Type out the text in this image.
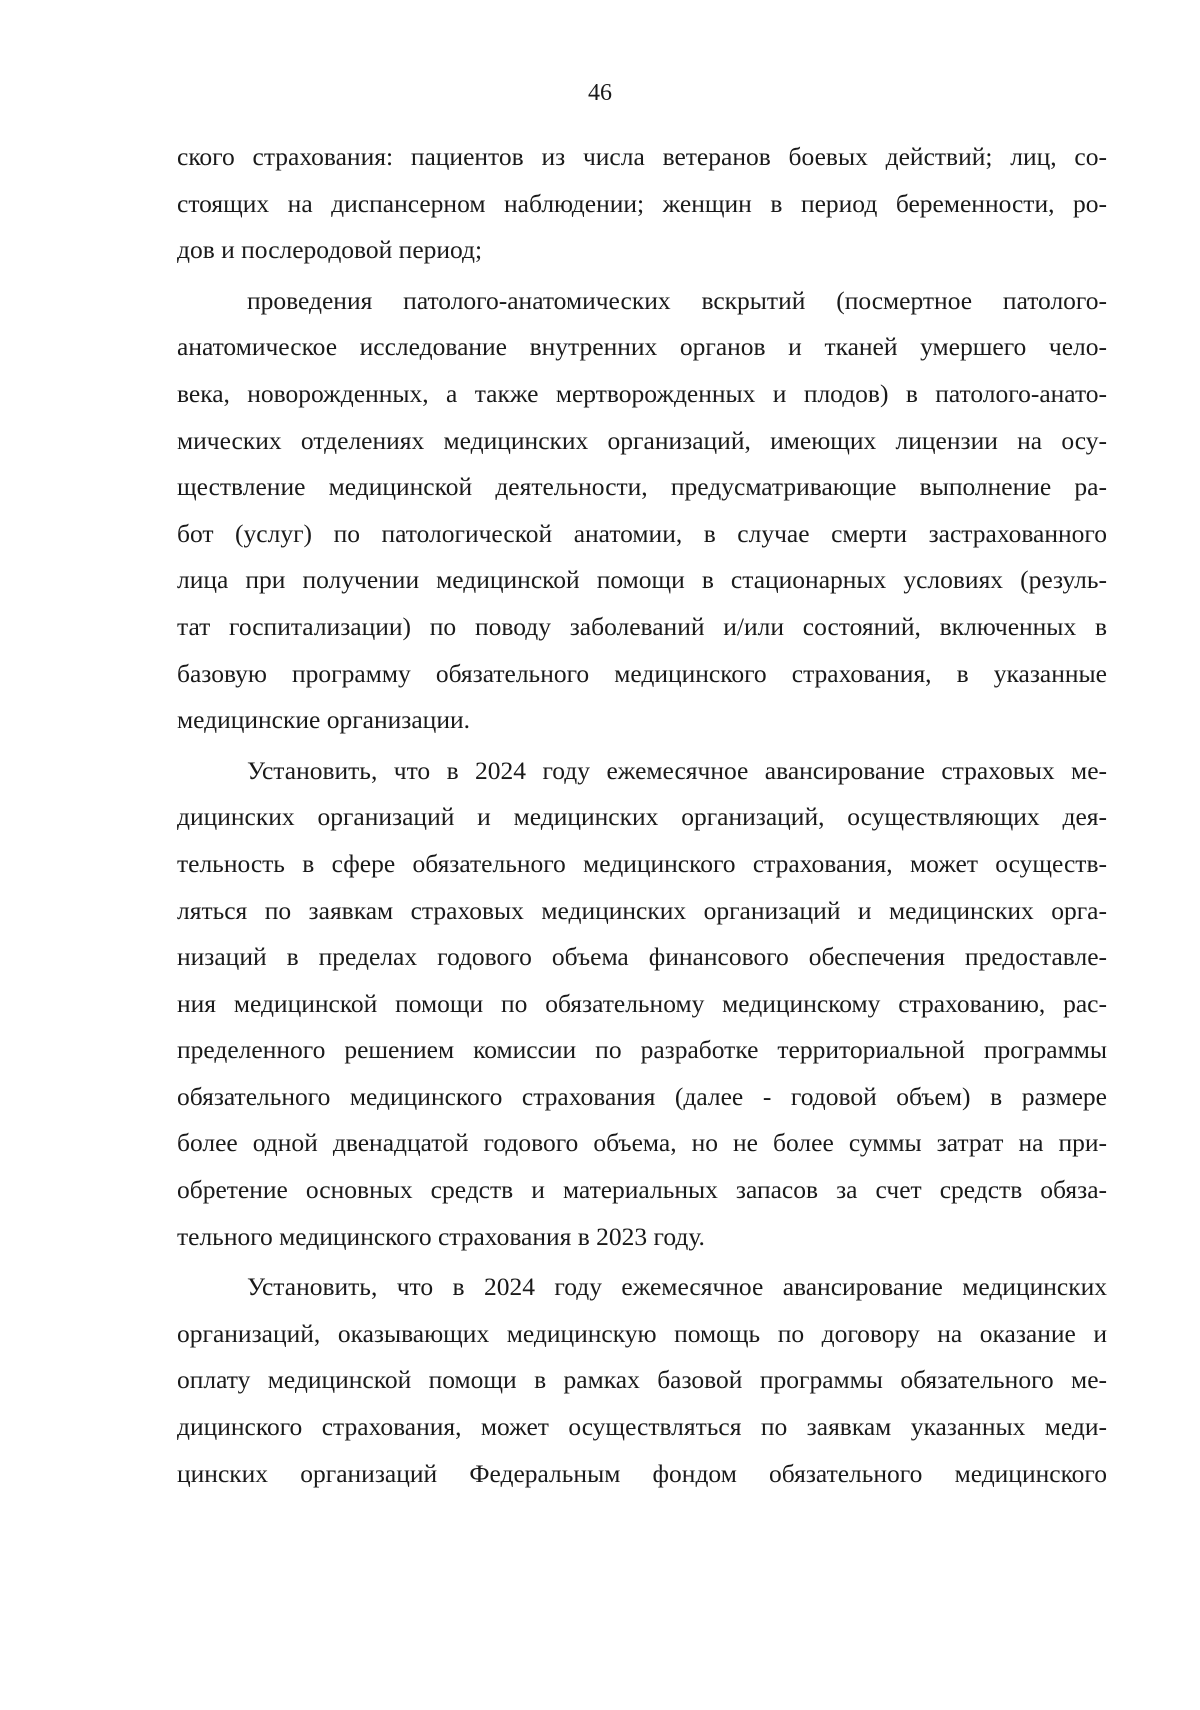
46
ского страхования: пациентов из числа ветеранов боевых действий; лиц, со-
стоящих на диспансерном наблюдении; женщин в период беременности, ро-
дов и послеродовой период;
проведения патолого-анатомических вскрытий (посмертное патолого-
анатомическое исследование внутренних органов и тканей умершего чело-
века, новорожденных, а также мертворожденных и плодов) в патолого-анато-
мических отделениях медицинских организаций, имеющих лицензии на осу-
ществление медицинской деятельности, предусматривающие выполнение ра-
бот (услуг) по патологической анатомии, в случае смерти застрахованного
лица при получении медицинской помощи в стационарных условиях (резуль-
тат госпитализации) по поводу заболеваний и/или состояний, включенных в
базовую программу обязательного медицинского страхования, в указанные
медицинские организации.
Установить, что в 2024 году ежемесячное авансирование страховых ме-
дицинских организаций и медицинских организаций, осуществляющих дея-
тельность в сфере обязательного медицинского страхования, может осуществ-
ляться по заявкам страховых медицинских организаций и медицинских орга-
низаций в пределах годового объема финансового обеспечения предоставле-
ния медицинской помощи по обязательному медицинскому страхованию, рас-
пределенного решением комиссии по разработке территориальной программы
обязательного медицинского страхования (далее - годовой объем) в размере
более одной двенадцатой годового объема, но не более суммы затрат на при-
обретение основных средств и материальных запасов за счет средств обяза-
тельного медицинского страхования в 2023 году.
Установить, что в 2024 году ежемесячное авансирование медицинских
организаций, оказывающих медицинскую помощь по договору на оказание и
оплату медицинской помощи в рамках базовой программы обязательного ме-
дицинского страхования, может осуществляться по заявкам указанных меди-
цинских организаций Федеральным фондом обязательного медицинского
